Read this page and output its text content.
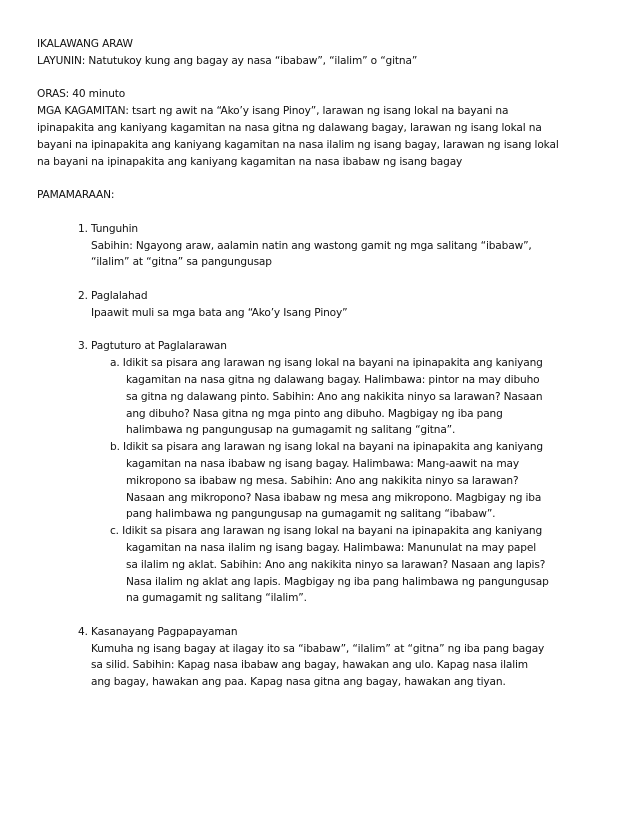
IKALAWANG ARAW
LAYUNIN: Natutukoy kung ang bagay ay nasa “ibabaw”, “ilalim” o “gitna”
ORAS: 40 minuto
MGA KAGAMITAN: tsart ng awit na “Ako’y isang Pinoy”, larawan ng isang lokal na bayani na
ipinapakita ang kaniyang kagamitan na nasa gitna ng dalawang bagay, larawan ng isang lokal na
bayani na ipinapakita ang kaniyang kagamitan na nasa ilalim ng isang bagay, larawan ng isang lokal
na bayani na ipinapakita ang kaniyang kagamitan na nasa ibabaw ng isang bagay
PAMAMARAAN:
1. Tunguhin
Sabihin: Ngayong araw, aalamin natin ang wastong gamit ng mga salitang “ibabaw”,
“ilalim” at “gitna” sa pangungusap
2. Paglalahad
Ipaawit muli sa mga bata ang “Ako’y Isang Pinoy”
3. Pagtuturo at Paglalarawan
a. Idikit sa pisara ang larawan ng isang lokal na bayani na ipinapakita ang kaniyang
kagamitan na nasa gitna ng dalawang bagay. Halimbawa: pintor na may dibuho
sa gitna ng dalawang pinto. Sabihin: Ano ang nakikita ninyo sa larawan? Nasaan
ang dibuho? Nasa gitna ng mga pinto ang dibuho. Magbigay ng iba pang
halimbawa ng pangungusap na gumagamit ng salitang “gitna”.
b. Idikit sa pisara ang larawan ng isang lokal na bayani na ipinapakita ang kaniyang
kagamitan na nasa ibabaw ng isang bagay. Halimbawa: Mang-aawit na may
mikropono sa ibabaw ng mesa. Sabihin: Ano ang nakikita ninyo sa larawan?
Nasaan ang mikropono? Nasa ibabaw ng mesa ang mikropono. Magbigay ng iba
pang halimbawa ng pangungusap na gumagamit ng salitang “ibabaw”.
c. Idikit sa pisara ang larawan ng isang lokal na bayani na ipinapakita ang kaniyang
kagamitan na nasa ilalim ng isang bagay. Halimbawa: Manunulat na may papel
sa ilalim ng aklat. Sabihin: Ano ang nakikita ninyo sa larawan? Nasaan ang lapis?
Nasa ilalim ng aklat ang lapis. Magbigay ng iba pang halimbawa ng pangungusap
na gumagamit ng salitang “ilalim”.
4. Kasanayang Pagpapayaman
Kumuha ng isang bagay at ilagay ito sa “ibabaw”, “ilalim” at “gitna” ng iba pang bagay
sa silid. Sabihin: Kapag nasa ibabaw ang bagay, hawakan ang ulo. Kapag nasa ilalim
ang bagay, hawakan ang paa. Kapag nasa gitna ang bagay, hawakan ang tiyan.
